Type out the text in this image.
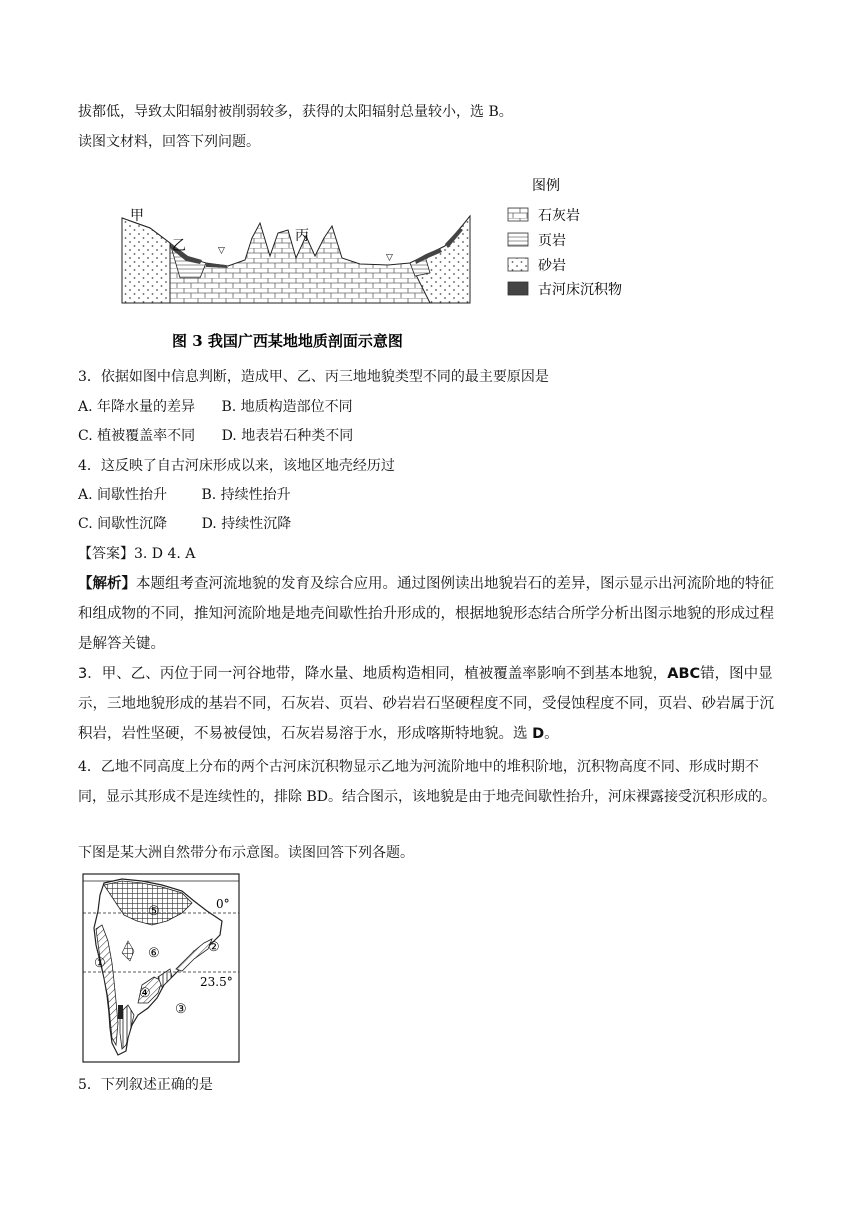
拔都低，导致太阳辐射被削弱较多，获得的太阳辐射总量较小，选 B。
读图文材料，回答下列问题。
▽
▽
甲
乙
丙
图例
石灰岩
页岩
砂岩
古河床沉积物
图 3 我国广西某地地质剖面示意图
3．依据如图中信息判断，造成甲、乙、丙三地地貌类型不同的最主要原因是
A. 年降水量的差异 B. 地质构造部位不同
C. 植被覆盖率不同 D. 地表岩石种类不同
4．这反映了自古河床形成以来，该地区地壳经历过
A. 间歇性抬升 B. 持续性抬升
C. 间歇性沉降 D. 持续性沉降
【答案】3. D 4. A
【解析】本题组考查河流地貌的发育及综合应用。通过图例读出地貌岩石的差异，图示显示出河流阶地的特征和组成物的不同，推知河流阶地是地壳间歇性抬升形成的，根据地貌形态结合所学分析出图示地貌的形成过程是解答关键。
3．甲、乙、丙位于同一河谷地带，降水量、地质构造相同，植被覆盖率影响不到基本地貌，ABC错，图中显示，三地地貌形成的基岩不同，石灰岩、页岩、砂岩岩石坚硬程度不同，受侵蚀程度不同，页岩、砂岩属于沉积岩，岩性坚硬，不易被侵蚀，石灰岩易溶于水，形成喀斯特地貌。选 D。
4．乙地不同高度上分布的两个古河床沉积物显示乙地为河流阶地中的堆积阶地，沉积物高度不同、形成时期不同，显示其形成不是连续性的，排除 BD。结合图示，该地貌是由于地壳间歇性抬升，河床裸露接受沉积形成的。
下图是某大洲自然带分布示意图。读图回答下列各题。
0°
23.5°
①
②
③
④
⑤
⑥
5．下列叙述正确的是
